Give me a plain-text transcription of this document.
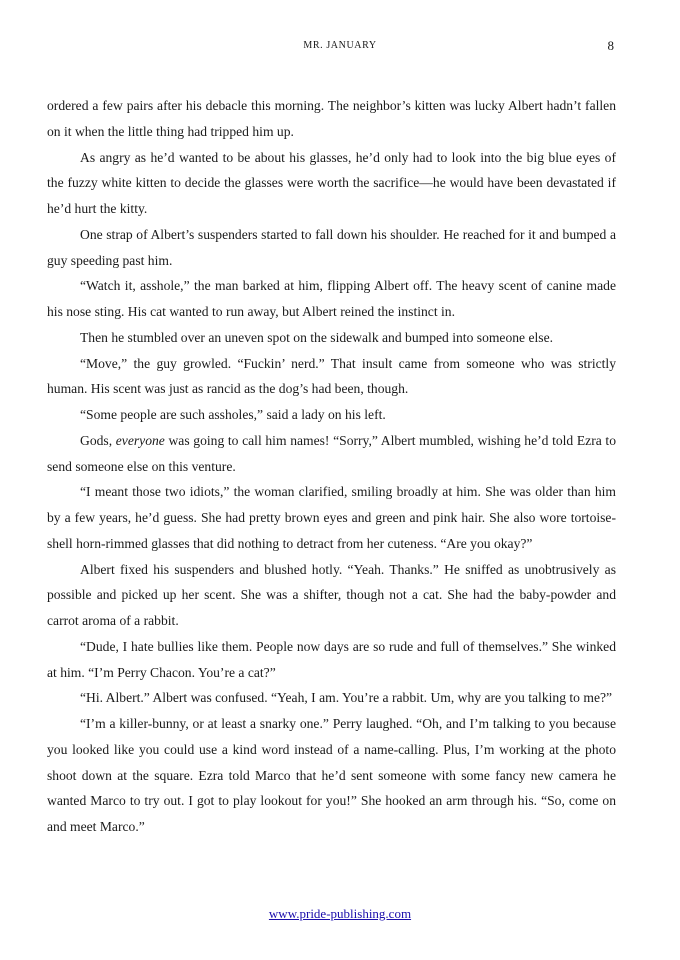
MR. JANUARY	8

ordered a few pairs after his debacle this morning. The neighbor’s kitten was lucky Albert hadn’t fallen on it when the little thing had tripped him up.

As angry as he’d wanted to be about his glasses, he’d only had to look into the big blue eyes of the fuzzy white kitten to decide the glasses were worth the sacrifice—he would have been devastated if he’d hurt the kitty.

One strap of Albert’s suspenders started to fall down his shoulder. He reached for it and bumped a guy speeding past him.

“Watch it, asshole,” the man barked at him, flipping Albert off. The heavy scent of canine made his nose sting. His cat wanted to run away, but Albert reined the instinct in.

Then he stumbled over an uneven spot on the sidewalk and bumped into someone else.

“Move,” the guy growled. “Fuckin’ nerd.” That insult came from someone who was strictly human. His scent was just as rancid as the dog’s had been, though.

“Some people are such assholes,” said a lady on his left.

Gods, everyone was going to call him names! “Sorry,” Albert mumbled, wishing he’d told Ezra to send someone else on this venture.

“I meant those two idiots,” the woman clarified, smiling broadly at him. She was older than him by a few years, he’d guess. She had pretty brown eyes and green and pink hair. She also wore tortoise-shell horn-rimmed glasses that did nothing to detract from her cuteness. “Are you okay?”

Albert fixed his suspenders and blushed hotly. “Yeah. Thanks.” He sniffed as unobtrusively as possible and picked up her scent. She was a shifter, though not a cat. She had the baby-powder and carrot aroma of a rabbit.

“Dude, I hate bullies like them. People now days are so rude and full of themselves.” She winked at him. “I’m Perry Chacon. You’re a cat?”

“Hi. Albert.” Albert was confused. “Yeah, I am. You’re a rabbit. Um, why are you talking to me?”

“I’m a killer-bunny, or at least a snarky one.” Perry laughed. “Oh, and I’m talking to you because you looked like you could use a kind word instead of a name-calling. Plus, I’m working at the photo shoot down at the square. Ezra told Marco that he’d sent someone with some fancy new camera he wanted Marco to try out. I got to play lookout for you!” She hooked an arm through his. “So, come on and meet Marco.”

www.pride-publishing.com
